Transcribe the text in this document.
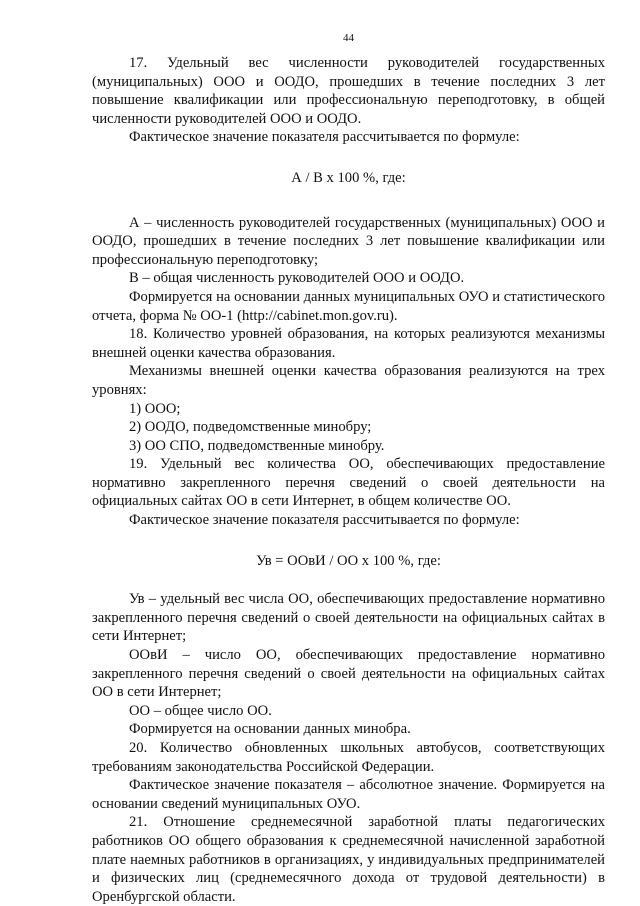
44

17. Удельный вес численности руководителей государственных (муниципальных) ООО и ООДО, прошедших в течение последних 3 лет повышение квалификации или профессиональную переподготовку, в общей численности руководителей ООО и ООДО.

Фактическое значение показателя рассчитывается по формуле:

А / В х 100 %, где:

А – численность руководителей государственных (муниципальных) ООО и ООДО, прошедших в течение последних 3 лет повышение квалификации или профессиональную переподготовку;

В – общая численность руководителей ООО и ООДО.

Формируется на основании данных муниципальных ОУО и статистического отчета, форма № ОО-1 (http://cabinet.mon.gov.ru).

18. Количество уровней образования, на которых реализуются механизмы внешней оценки качества образования.

Механизмы внешней оценки качества образования реализуются на трех уровнях:

1) ООО;

2) ООДО, подведомственные минобру;

3) ОО СПО, подведомственные минобру.

19. Удельный вес количества ОО, обеспечивающих предоставление нормативно закрепленного перечня сведений о своей деятельности на официальных сайтах ОО в сети Интернет, в общем количестве ОО.

Фактическое значение показателя рассчитывается по формуле:

Ув = ООвИ / ОО х 100 %, где:

Ув – удельный вес числа ОО, обеспечивающих предоставление нормативно закрепленного перечня сведений о своей деятельности на официальных сайтах в сети Интернет;

ООвИ – число ОО, обеспечивающих предоставление нормативно закрепленного перечня сведений о своей деятельности на официальных сайтах ОО в сети Интернет;

ОО – общее число ОО.

Формируется на основании данных минобра.

20. Количество обновленных школьных автобусов, соответствующих требованиям законодательства Российской Федерации.

Фактическое значение показателя – абсолютное значение. Формируется на основании сведений муниципальных ОУО.

21. Отношение среднемесячной заработной платы педагогических работников ОО общего образования к среднемесячной начисленной заработной плате наемных работников в организациях, у индивидуальных предпринимателей и физических лиц (среднемесячного дохода от трудовой деятельности) в Оренбургской области.
